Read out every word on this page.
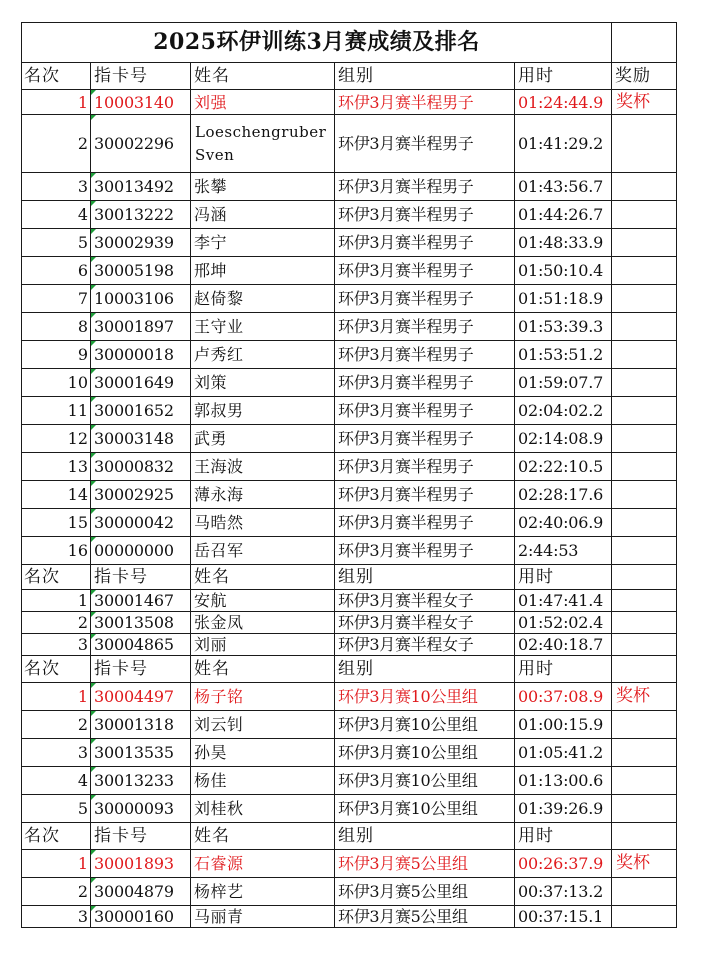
2025环伊训练3月赛成绩及排名					
名次	指卡号	姓名	组别	用时	奖励
1	10003140	刘强	环伊3月赛半程男子	01:24:44.9	奖杯
2	30002296	Loeschengruber Sven	环伊3月赛半程男子	01:41:29.2	
3	30013492	张攀	环伊3月赛半程男子	01:43:56.7	
4	30013222	冯涵	环伊3月赛半程男子	01:44:26.7	
5	30002939	李宁	环伊3月赛半程男子	01:48:33.9	
6	30005198	邢坤	环伊3月赛半程男子	01:50:10.4	
7	10003106	赵倚黎	环伊3月赛半程男子	01:51:18.9	
8	30001897	王守业	环伊3月赛半程男子	01:53:39.3	
9	30000018	卢秀红	环伊3月赛半程男子	01:53:51.2	
10	30001649	刘策	环伊3月赛半程男子	01:59:07.7	
11	30001652	郭叔男	环伊3月赛半程男子	02:04:02.2	
12	30003148	武勇	环伊3月赛半程男子	02:14:08.9	
13	30000832	王海波	环伊3月赛半程男子	02:22:10.5	
14	30002925	薄永海	环伊3月赛半程男子	02:28:17.6	
15	30000042	马晧然	环伊3月赛半程男子	02:40:06.9	
16	00000000	岳召军	环伊3月赛半程男子	2:44:53	
名次	指卡号	姓名	组别	用时	
1	30001467	安航	环伊3月赛半程女子	01:47:41.4	
2	30013508	张金凤	环伊3月赛半程女子	01:52:02.4	
3	30004865	刘丽	环伊3月赛半程女子	02:40:18.7	
名次	指卡号	姓名	组别	用时	
1	30004497	杨子铭	环伊3月赛10公里组	00:37:08.9	奖杯
2	30001318	刘云钊	环伊3月赛10公里组	01:00:15.9	
3	30013535	孙昊	环伊3月赛10公里组	01:05:41.2	
4	30013233	杨佳	环伊3月赛10公里组	01:13:00.6	
5	30000093	刘桂秋	环伊3月赛10公里组	01:39:26.9	
名次	指卡号	姓名	组别	用时	
1	30001893	石睿源	环伊3月赛5公里组	00:26:37.9	奖杯
2	30004879	杨梓艺	环伊3月赛5公里组	00:37:13.2	
3	30000160	马丽青	环伊3月赛5公里组	00:37:15.1	
